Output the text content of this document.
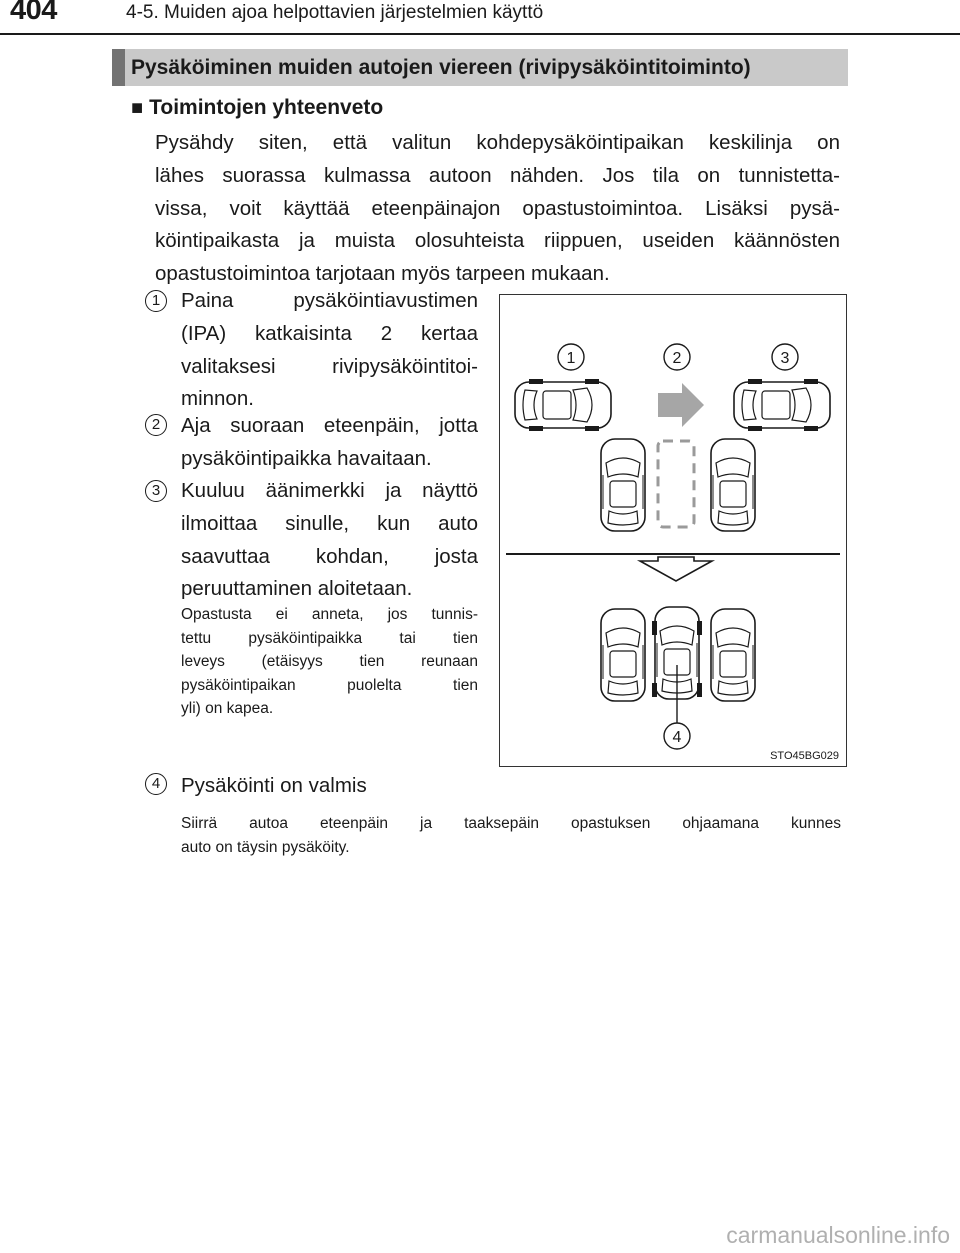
404	4-5. Muiden ajoa helpottavien järjestelmien käyttö
Pysäköiminen muiden autojen viereen (rivipysäköintitoiminto)
■ Toimintojen yhteenveto
Pysähdy siten, että valitun kohdepysäköintipaikan keskilinja on
lähes suorassa kulmassa autoon nähden. Jos tila on tunnistetta-
vissa, voit käyttää eteenpäinajon opastustoimintoa. Lisäksi pysä-
köintipaikasta ja muista olosuhteista riippuen, useiden käännösten
opastustoimintoa tarjotaan myös tarpeen mukaan.
1	Paina pysäköintiavustimen
(IPA) katkaisinta 2 kertaa
valitaksesi rivipysäköintitoi-
minnon.
2	Aja suoraan eteenpäin, jotta
pysäköintipaikka havaitaan.
3	Kuuluu äänimerkki ja näyttö
ilmoittaa sinulle, kun auto
saavuttaa kohdan, josta
peruuttaminen aloitetaan.
Opastusta ei anneta, jos tunnis-
tettu pysäköintipaikka tai tien
leveys (etäisyys tien reunaan
pysäköintipaikan puolelta tien
yli) on kapea.
4	Pysäköinti on valmis
Siirrä autoa eteenpäin ja taaksepäin opastuksen ohjaamana kunnes
auto on täysin pysäköity.
1	2	3
4
STO45BG029
carmanualsonline.info
